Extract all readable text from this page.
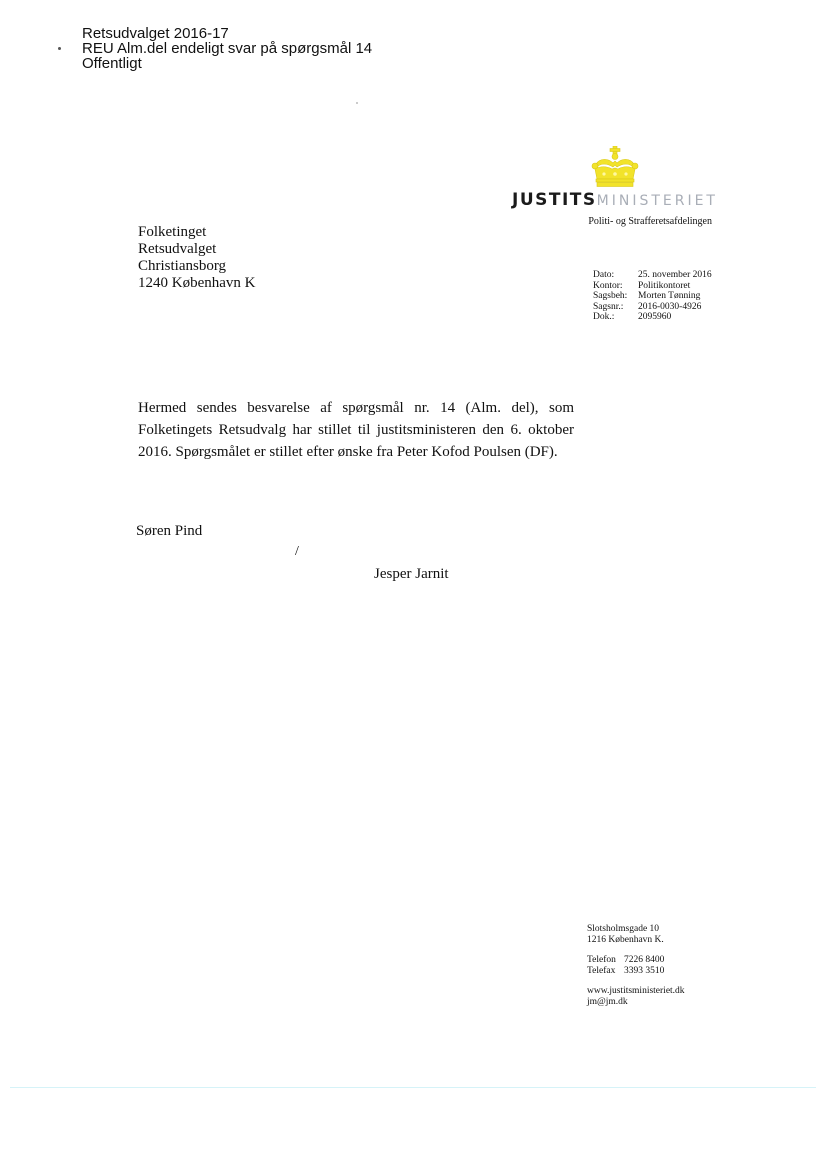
Retsudvalget 2016-17
REU Alm.del endeligt svar på spørgsmål 14
Offentligt
JUSTITSMINISTERIET
Politi- og Strafferetsafdelingen
Folketinget
Retsudvalget
Christiansborg
1240 København K	Dato:	25. november 2016
Kontor:	Politikontoret
Sagsbeh:	Morten Tønning
Sagsnr.:	2016-0030-4926
Dok.:	2095960

Hermed sendes besvarelse af spørgsmål nr. 14 (Alm. del), som Folketingets Retsudvalg har stillet til justitsministeren den 6. oktober 2016. Spørgsmålet er stillet efter ønske fra Peter Kofod Poulsen (DF).

Søren Pind
/
Jesper Jarnit
Slotsholmsgade 10
1216 København K.
Telefon 7226 8400
Telefax 3393 3510
www.justitsministeriet.dk
jm@jm.dk
